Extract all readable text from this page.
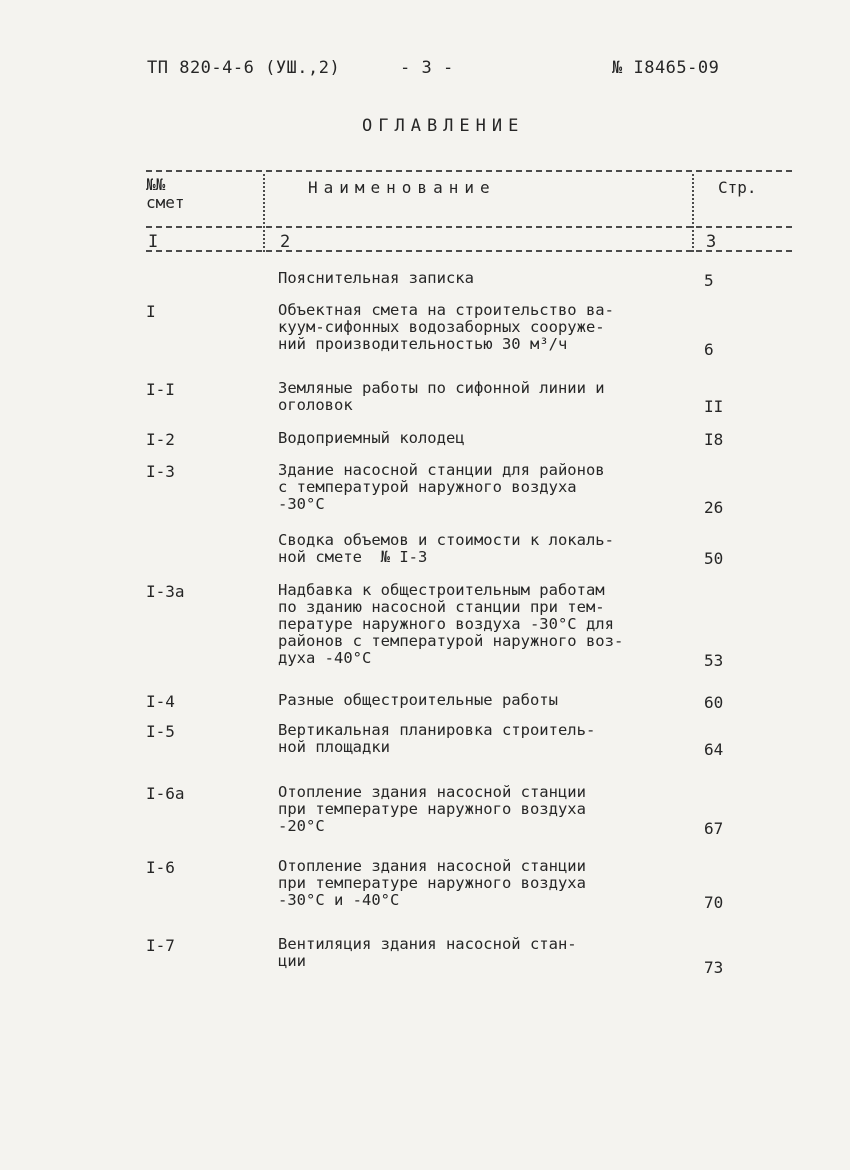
ТП 820-4-6 (УШ.,2)	- 3 -	№ I8465-09
ОГЛАВЛЕНИЕ
№№
смет
Наименование	Стр.
I	2	3
Пояснительная записка	5
I	Объектная смета на строительство ва-
куум-сифонных водозаборных сооруже-
ний производительностью 30 м³/ч	6
I-I	Земляные работы по сифонной линии и
оголовок	II
I-2	Водоприемный колодец	I8
I-3	Здание насосной станции для районов
с температурой наружного воздуха
-30°С	26
Сводка объемов и стоимости к локаль-
ной смете  № I-3	50
I-3а	Надбавка к общестроительным работам
по зданию насосной станции при тем-
пературе наружного воздуха -30°С для
районов с температурой наружного воз-
духа -40°С	53
I-4	Разные общестроительные работы	60
I-5	Вертикальная планировка строитель-
ной площадки	64
I-6а	Отопление здания насосной станции
при температуре наружного воздуха
-20°С	67
I-6	Отопление здания насосной станции
при температуре наружного воздуха
-30°С и -40°С	70
I-7	Вентиляция здания насосной стан-
ции	73
